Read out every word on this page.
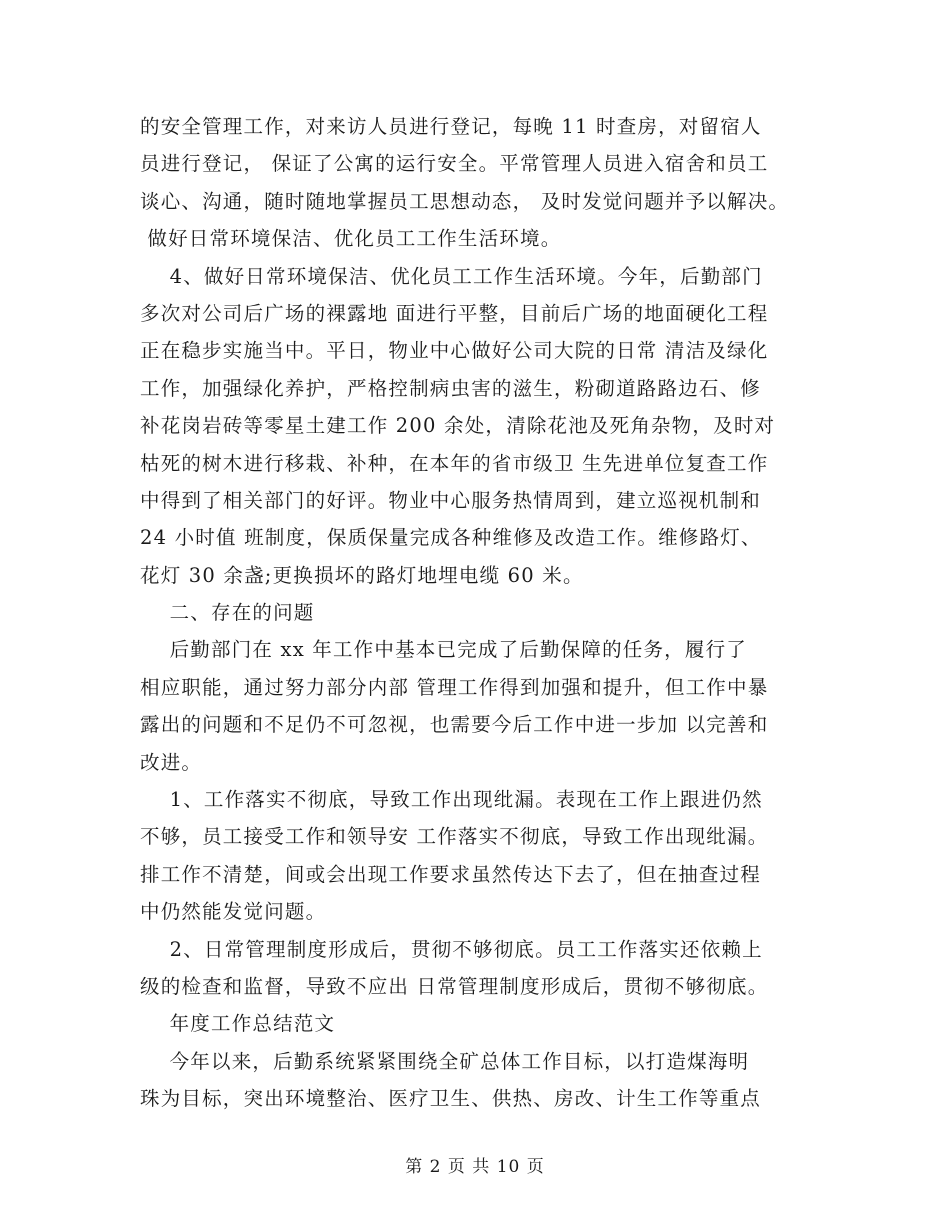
的安全管理工作，对来访人员进行登记，每晚 11 时查房，对留宿人
员进行登记， 保证了公寓的运行安全。平常管理人员进入宿舍和员工
谈心、沟通，随时随地掌握员工思想动态， 及时发觉问题并予以解决。
做好日常环境保洁、优化员工工作生活环境。
4、做好日常环境保洁、优化员工工作生活环境。今年，后勤部门
多次对公司后广场的裸露地 面进行平整，目前后广场的地面硬化工程
正在稳步实施当中。平日，物业中心做好公司大院的日常 清洁及绿化
工作，加强绿化养护，严格控制病虫害的滋生，粉砌道路路边石、修
补花岗岩砖等零星土建工作 200 余处，清除花池及死角杂物，及时对
枯死的树木进行移栽、补种，在本年的省市级卫 生先进单位复查工作
中得到了相关部门的好评。物业中心服务热情周到，建立巡视机制和
24 小时值 班制度，保质保量完成各种维修及改造工作。维修路灯、
花灯 30 余盏;更换损坏的路灯地埋电缆 60 米。
二、存在的问题
后勤部门在 xx 年工作中基本已完成了后勤保障的任务，履行了
相应职能，通过努力部分内部 管理工作得到加强和提升，但工作中暴
露出的问题和不足仍不可忽视，也需要今后工作中进一步加 以完善和
改进。
1、工作落实不彻底，导致工作出现纰漏。表现在工作上跟进仍然
不够，员工接受工作和领导安 工作落实不彻底，导致工作出现纰漏。
排工作不清楚，间或会出现工作要求虽然传达下去了，但在抽查过程
中仍然能发觉问题。
2、日常管理制度形成后，贯彻不够彻底。员工工作落实还依赖上
级的检查和监督，导致不应出 日常管理制度形成后，贯彻不够彻底。
年度工作总结范文
今年以来，后勤系统紧紧围绕全矿总体工作目标，以打造煤海明
珠为目标，突出环境整治、医疗卫生、供热、房改、计生工作等重点
第 2 页 共 10 页
